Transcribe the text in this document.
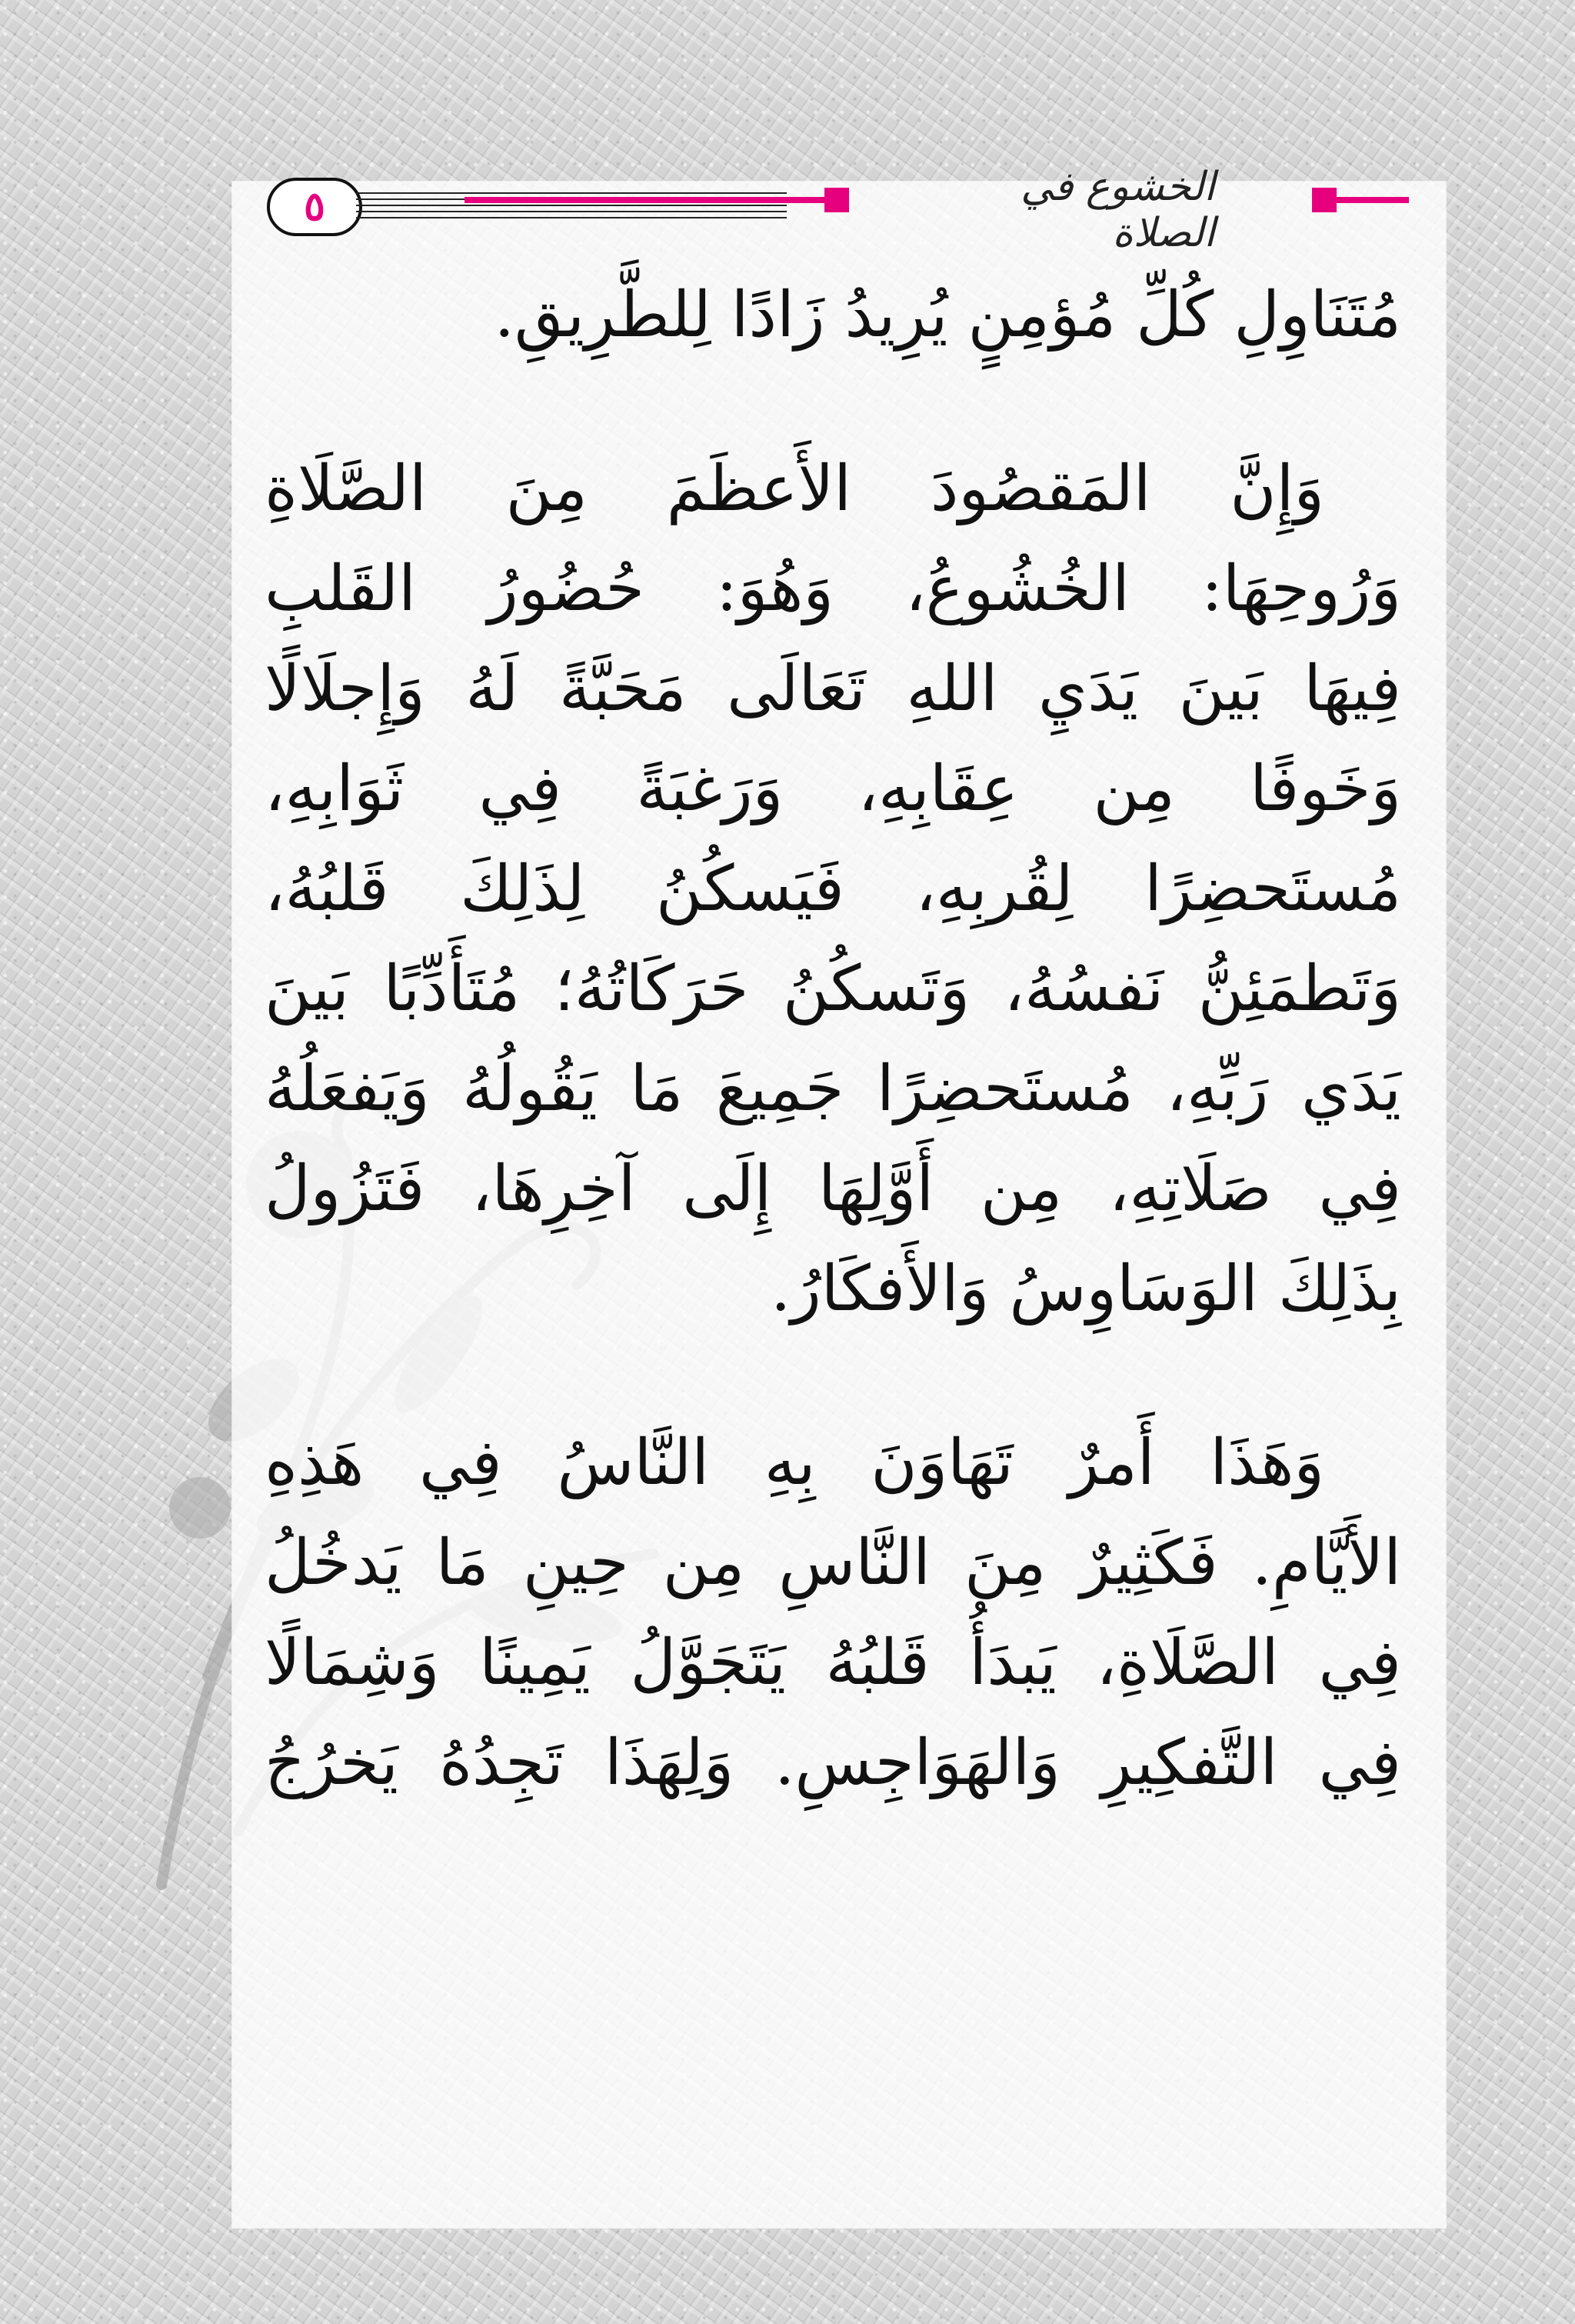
٥	الخشوع في الصلاة
مُتَنَاوِلِ كُلِّ مُؤمِنٍ يُرِيدُ زَادًا لِلطَّرِيقِ.
وَإِنَّ المَقصُودَ الأَعظَمَ مِنَ الصَّلَاةِ
وَرُوحِهَا: الخُشُوعُ، وَهُوَ: حُضُورُ القَلبِ
فِيهَا بَينَ يَدَيِ اللهِ تَعَالَى مَحَبَّةً لَهُ وَإِجلَالًا
وَخَوفًا مِن عِقَابِهِ، وَرَغبَةً فِي ثَوَابِهِ،
مُستَحضِرًا لِقُربِهِ، فَيَسكُنُ لِذَلِكَ قَلبُهُ،
وَتَطمَئِنُّ نَفسُهُ، وَتَسكُنُ حَرَكَاتُهُ؛ مُتَأَدِّبًا بَينَ
يَدَي رَبِّهِ، مُستَحضِرًا جَمِيعَ مَا يَقُولُهُ وَيَفعَلُهُ
فِي صَلَاتِهِ، مِن أَوَّلِهَا إِلَى آخِرِهَا، فَتَزُولُ
بِذَلِكَ الوَسَاوِسُ وَالأَفكَارُ.
وَهَذَا أَمرٌ تَهَاوَنَ بِهِ النَّاسُ فِي هَذِهِ
الأَيَّامِ. فَكَثِيرٌ مِنَ النَّاسِ مِن حِينِ مَا يَدخُلُ
فِي الصَّلَاةِ، يَبدَأُ قَلبُهُ يَتَجَوَّلُ يَمِينًا وَشِمَالًا
فِي التَّفكِيرِ وَالهَوَاجِسِ. وَلِهَذَا تَجِدُهُ يَخرُجُ
